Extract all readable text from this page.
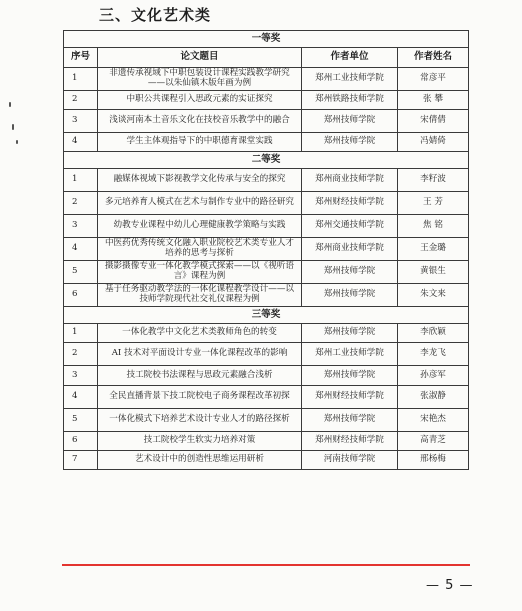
三、文化艺术类
一等奖			
序号	论文题目	作者单位	作者姓名
1	非遗传承视域下中职包装设计课程实践教学研究——以朱仙镇木版年画为例	郑州工业技师学院	常彦平
2	中职公共课程引入思政元素的实证探究	郑州铁路技师学院	张 攀
3	浅谈河南本土音乐文化在技校音乐教学中的融合	郑州技师学院	宋倩倩
4	学生主体观指导下的中职德育课堂实践	郑州技师学院	冯婧倚
二等奖			
1	融媒体视域下影视教学文化传承与安全的探究	郑州商业技师学院	李籽波
2	多元培养育人模式在艺术与制作专业中的路径研究	郑州财经技师学院	王 芳
3	幼教专业课程中幼儿心理健康教学策略与实践	郑州交通技师学院	焦 铭
4	中医药优秀传统文化融入职业院校艺术类专业人才培养的思考与探析	郑州商业技师学院	王金璐
5	摄影摄像专业一体化教学模式探索——以《视听语言》课程为例	郑州技师学院	黄银生
6	基于任务驱动教学法的一体化课程教学设计——以技师学院现代社交礼仪课程为例	郑州技师学院	朱文来
三等奖			
1	一体化教学中文化艺术类教师角色的转变	郑州技师学院	李欣颖
2	AI 技术对平面设计专业一体化课程改革的影响	郑州工业技师学院	李龙飞
3	技工院校书法课程与思政元素融合浅析	郑州技师学院	孙彦军
4	全民直播背景下技工院校电子商务课程改革初探	郑州财经技师学院	张淑静
5	一体化模式下培养艺术设计专业人才的路径探析	郑州技师学院	宋艳杰
6	技工院校学生软实力培养对策	郑州财经技师学院	高青芝
7	艺术设计中的创造性思维运用研析	河南技师学院	邢杨梅
— 5 —
